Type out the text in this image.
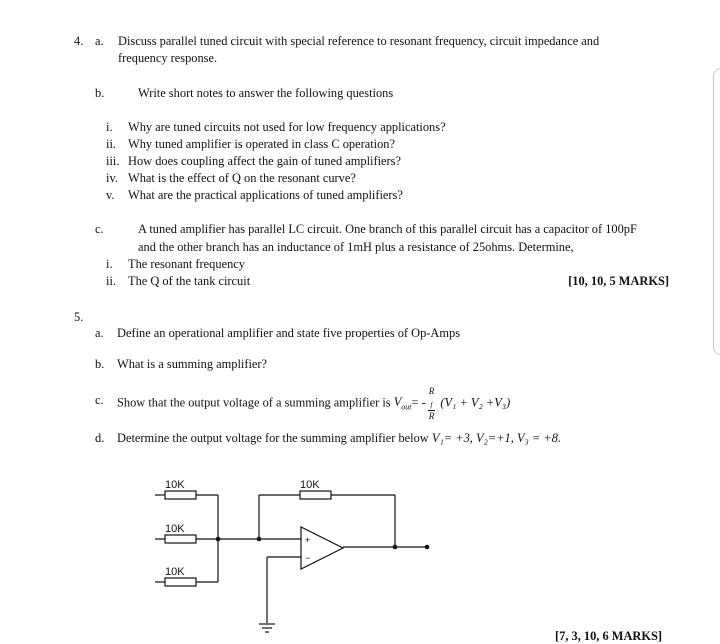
4. a. Discuss parallel tuned circuit with special reference to resonant frequency, circuit impedance and
frequency response.
b.	Write short notes to answer the following questions
i.	Why are tuned circuits not used for low frequency applications?
ii. Why tuned amplifier is operated in class C operation?
iii. How does coupling affect the gain of tuned amplifiers?
iv. What is the effect of Q on the resonant curve?
v. What are the practical applications of tuned amplifiers?
c.	A tuned amplifier has parallel LC circuit. One branch of this parallel circuit has a capacitor of 100pF
and the other branch has an inductance of 1mH plus a resistance of 25ohms. Determine,
i. The resonant frequency
ii. The Q of the tank circuit	[10, 10, 5 MARKS]
5.
a. Define an operational amplifier and state five properties of Op-Amps
b. What is a summing amplifier?
c. Show that the output voltage of a summing amplifier is $V_{out}= - R$
$_f$
R (V₁ + V₂ +V₃)
d. Determine the output voltage for the summing amplifier below V₁= +3, V₂=+1, V₃ = +8.
10K
10K
10K
10K
+
−
[7, 3, 10, 6 MARKS]
